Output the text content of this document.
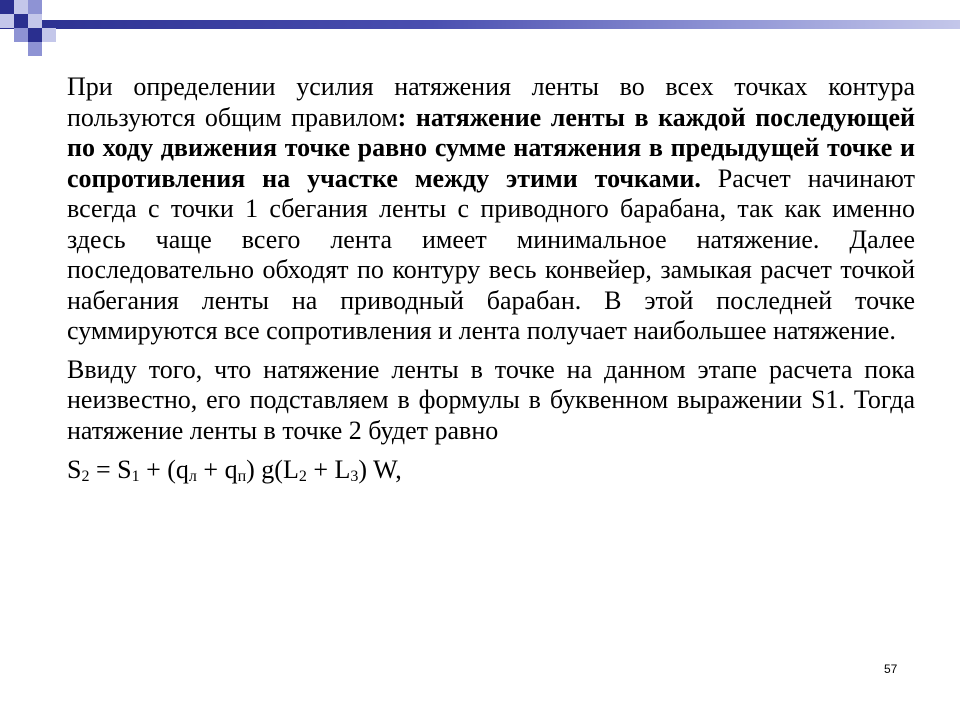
При определении усилия натяжения ленты во всех точках контура пользуются общим правилом: натяжение ленты в каждой последующей по ходу движения точке равно сумме натяжения в предыдущей точке и сопротивления на участке между этими точками. Расчет начинают всегда с точки 1 сбегания ленты с приводного барабана, так как именно здесь чаще всего лента имеет минимальное натяжение. Далее последовательно обходят по контуру весь конвейер, замыкая расчет точкой набегания ленты на приводный барабан. В этой последней точке суммируются все сопротивления и лента получает наибольшее натяжение.

Ввиду того, что натяжение ленты в точке на данном этапе расчета пока неизвестно, его подставляем в формулы в буквенном выражении S1. Тогда натяжение ленты в точке 2 будет равно

$S_2 = S_1 + (q_л + q_п) g(L_2 + L_3)$ W,

57
